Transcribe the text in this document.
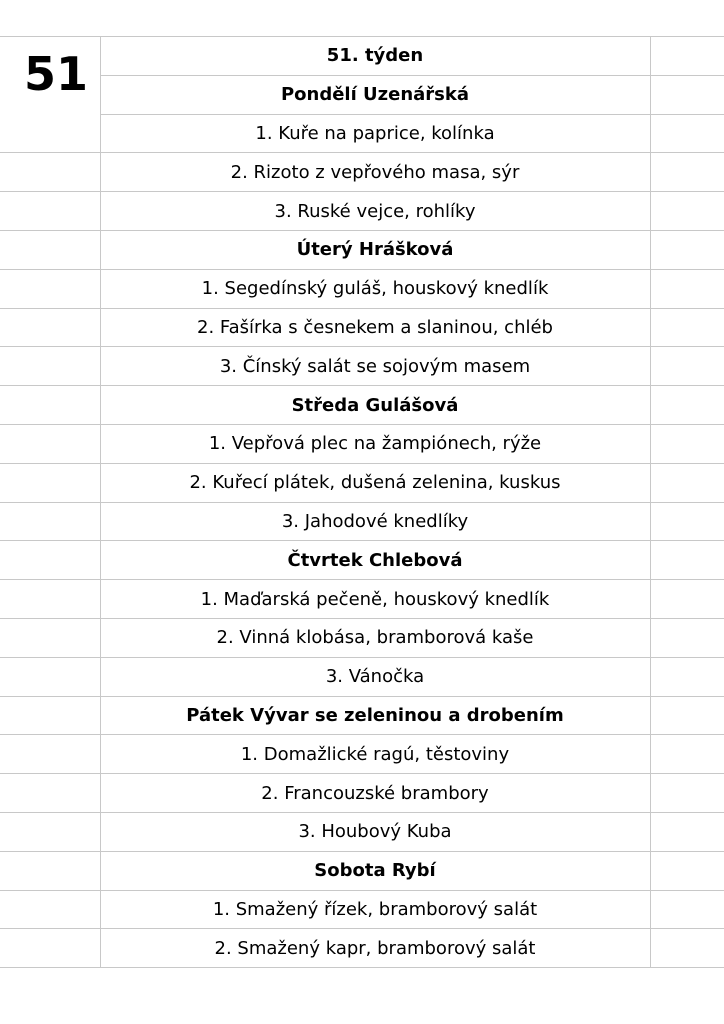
51	51. týden	
	Pondělí Uzenářská	
	1. Kuře na paprice, kolínka	
	2. Rizoto z vepřového masa, sýr	
	3. Ruské vejce, rohlíky	
	Úterý Hrášková	
	1. Segedínský guláš, houskový knedlík	
	2. Fašírka s česnekem a slaninou, chléb	
	3. Čínský salát se sojovým masem	
	Středa Gulášová	
	1. Vepřová plec na žampiónech, rýže	
	2. Kuřecí plátek, dušená zelenina, kuskus	
	3. Jahodové knedlíky	
	Čtvrtek Chlebová	
	1. Maďarská pečeně, houskový knedlík	
	2. Vinná klobása, bramborová kaše	
	3. Vánočka	
	Pátek Vývar se zeleninou a drobením	
	1. Domažlické ragú, těstoviny	
	2. Francouzské brambory	
	3. Houbový Kuba	
	Sobota Rybí	
	1. Smažený řízek, bramborový salát	
	2. Smažený kapr, bramborový salát	
